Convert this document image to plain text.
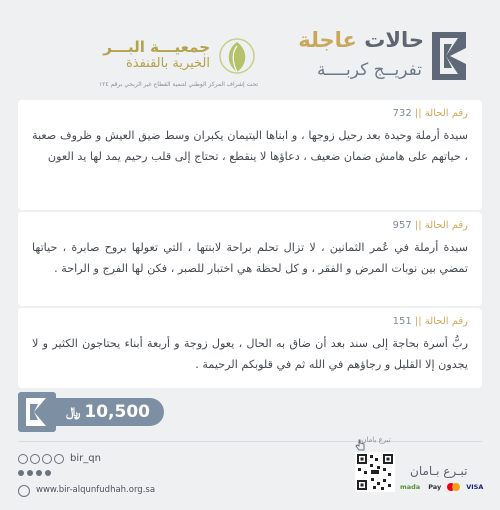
حالات عاجلة
تفريــج كربــــة
جمعيـــة البـــر
الخيرية بالقنفذة
تحت إشراف المركز الوطني لتنمية القطاع غير الربحي برقم ١٢٤
رقم الحالة || 732
سيدة أرملة وحيدة بعد رحيل زوجها ، و ابناها اليتيمان يكبران وسط ضيق العيش و ظروف صعبة ، حياتهم على هامش ضمان ضعيف ، دعاؤها لا ينقطع ، تحتاج إلى قلب رحيم يمد لها يد العون
رقم الحالة || 957
سيدة أرملة في عُمر الثمانين ، لا تزال تحلم براحة لابنتها ، التي تعولها بروح صابرة ، حياتها تمضي بين نوبات المرض و الفقر ، و كل لحظة هي اختبار للصبر ، فكن لها الفرج و الراحة .
رقم الحالة || 151
ربُّ أسرة بحاجة إلى سند بعد أن ضاق به الحال ، يعول زوجة و أربعة أبناء يحتاجون الكثير و لا يجدون إلا القليل و رجاؤهم في الله ثم في قلوبكم الرحيمة .
﷼ 10,500
bir_qn
www.bir-alqunfudhah.org.sa
تبرع بامان
تبـرع بـامان
mada	Pay	VISA
